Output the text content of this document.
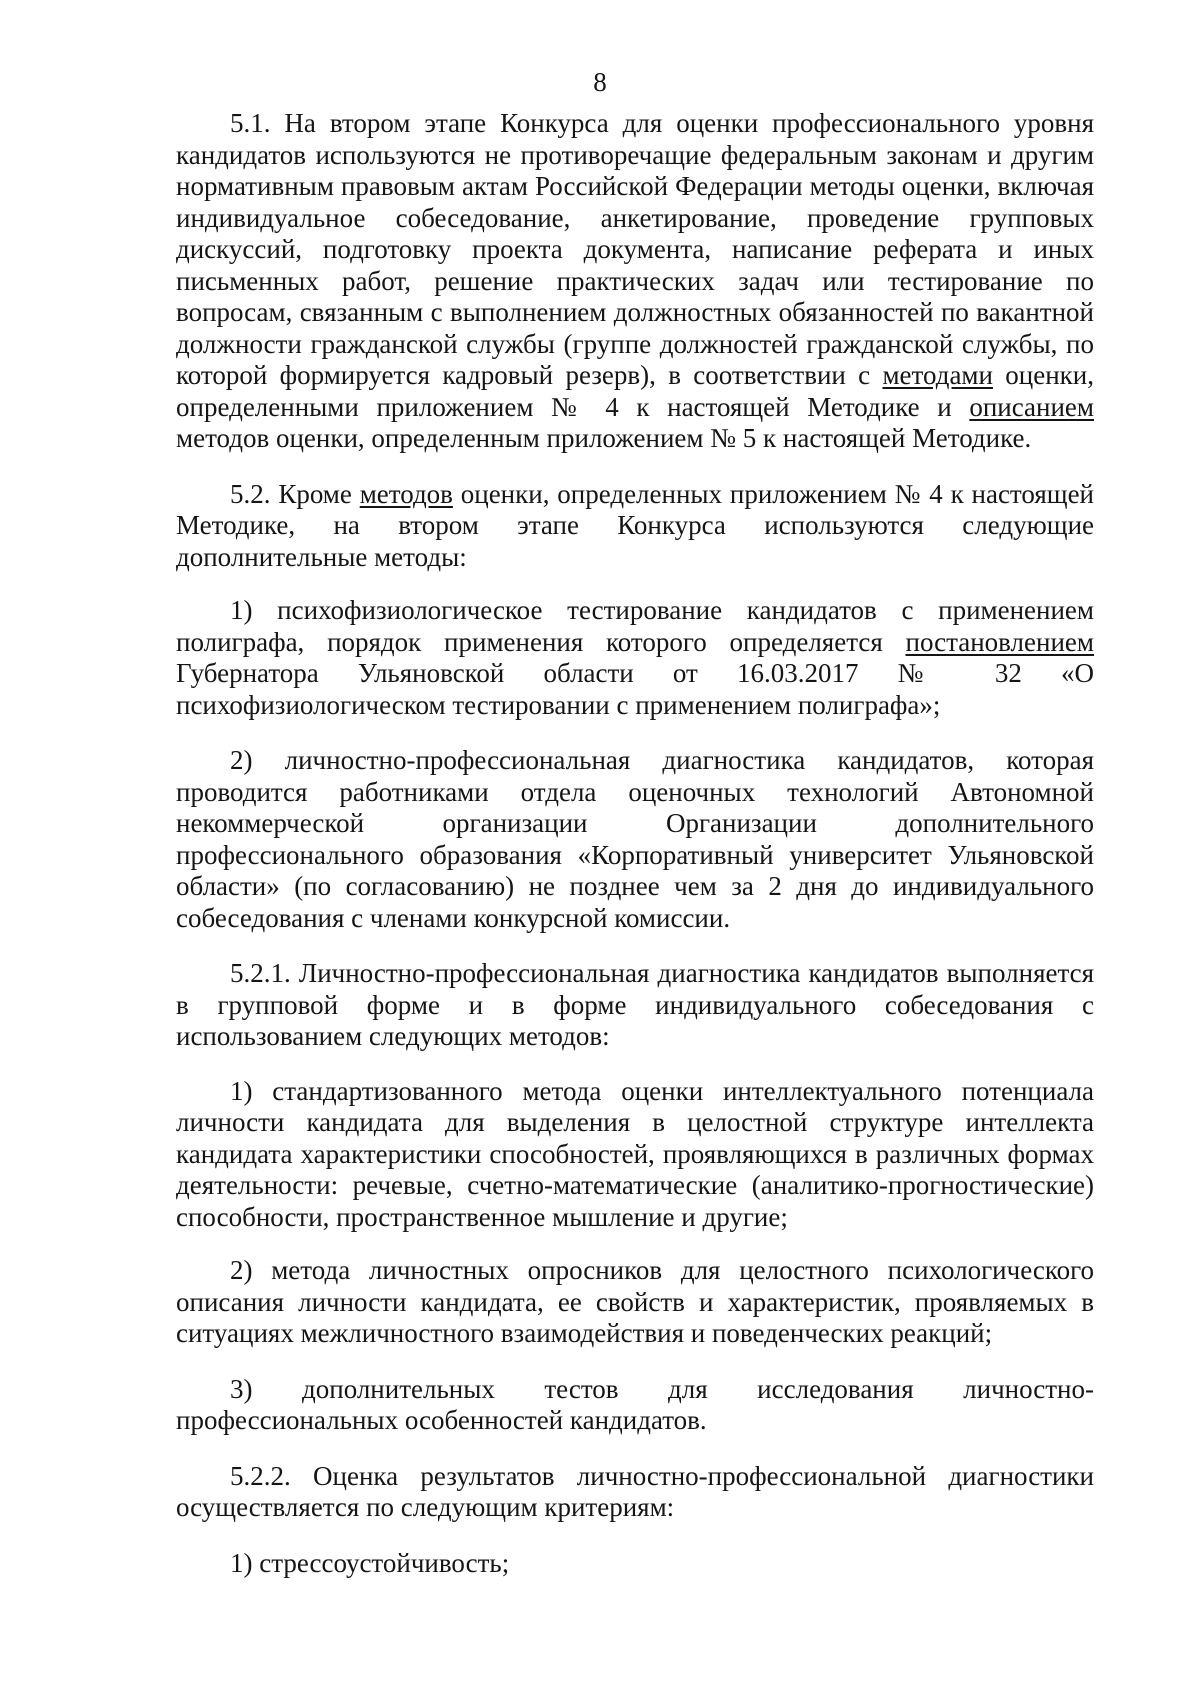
8

5.1. На втором этапе Конкурса для оценки профессионального уровня кандидатов используются не противоречащие федеральным законам и другим нормативным правовым актам Российской Федерации методы оценки, включая индивидуальное собеседование, анкетирование, проведение групповых дискуссий, подготовку проекта документа, написание реферата и иных письменных работ, решение практических задач или тестирование по вопросам, связанным с выполнением должностных обязанностей по вакантной должности гражданской службы (группе должностей гражданской службы, по которой формируется кадровый резерв), в соответствии с методами оценки, определенными приложением № 4 к настоящей Методике и описанием методов оценки, определенным приложением № 5 к настоящей Методике.

5.2. Кроме методов оценки, определенных приложением № 4 к настоящей Методике, на втором этапе Конкурса используются следующие дополнительные методы:

1) психофизиологическое тестирование кандидатов с применением полиграфа, порядок применения которого определяется постановлением Губернатора Ульяновской области от 16.03.2017 № 32 «О психофизиологическом тестировании с применением полиграфа»;

2) личностно-профессиональная диагностика кандидатов, которая проводится работниками отдела оценочных технологий Автономной некоммерческой организации Организации дополнительного профессионального образования «Корпоративный университет Ульяновской области» (по согласованию) не позднее чем за 2 дня до индивидуального собеседования с членами конкурсной комиссии.

5.2.1. Личностно-профессиональная диагностика кандидатов выполняется в групповой форме и в форме индивидуального собеседования с использованием следующих методов:

1) стандартизованного метода оценки интеллектуального потенциала личности кандидата для выделения в целостной структуре интеллекта кандидата характеристики способностей, проявляющихся в различных формах деятельности: речевые, счетно-математические (аналитико-прогностические) способности, пространственное мышление и другие;

2) метода личностных опросников для целостного психологического описания личности кандидата, ее свойств и характеристик, проявляемых в ситуациях межличностного взаимодействия и поведенческих реакций;

3) дополнительных тестов для исследования личностно-профессиональных особенностей кандидатов.

5.2.2. Оценка результатов личностно-профессиональной диагностики осуществляется по следующим критериям:

1) стрессоустойчивость;
